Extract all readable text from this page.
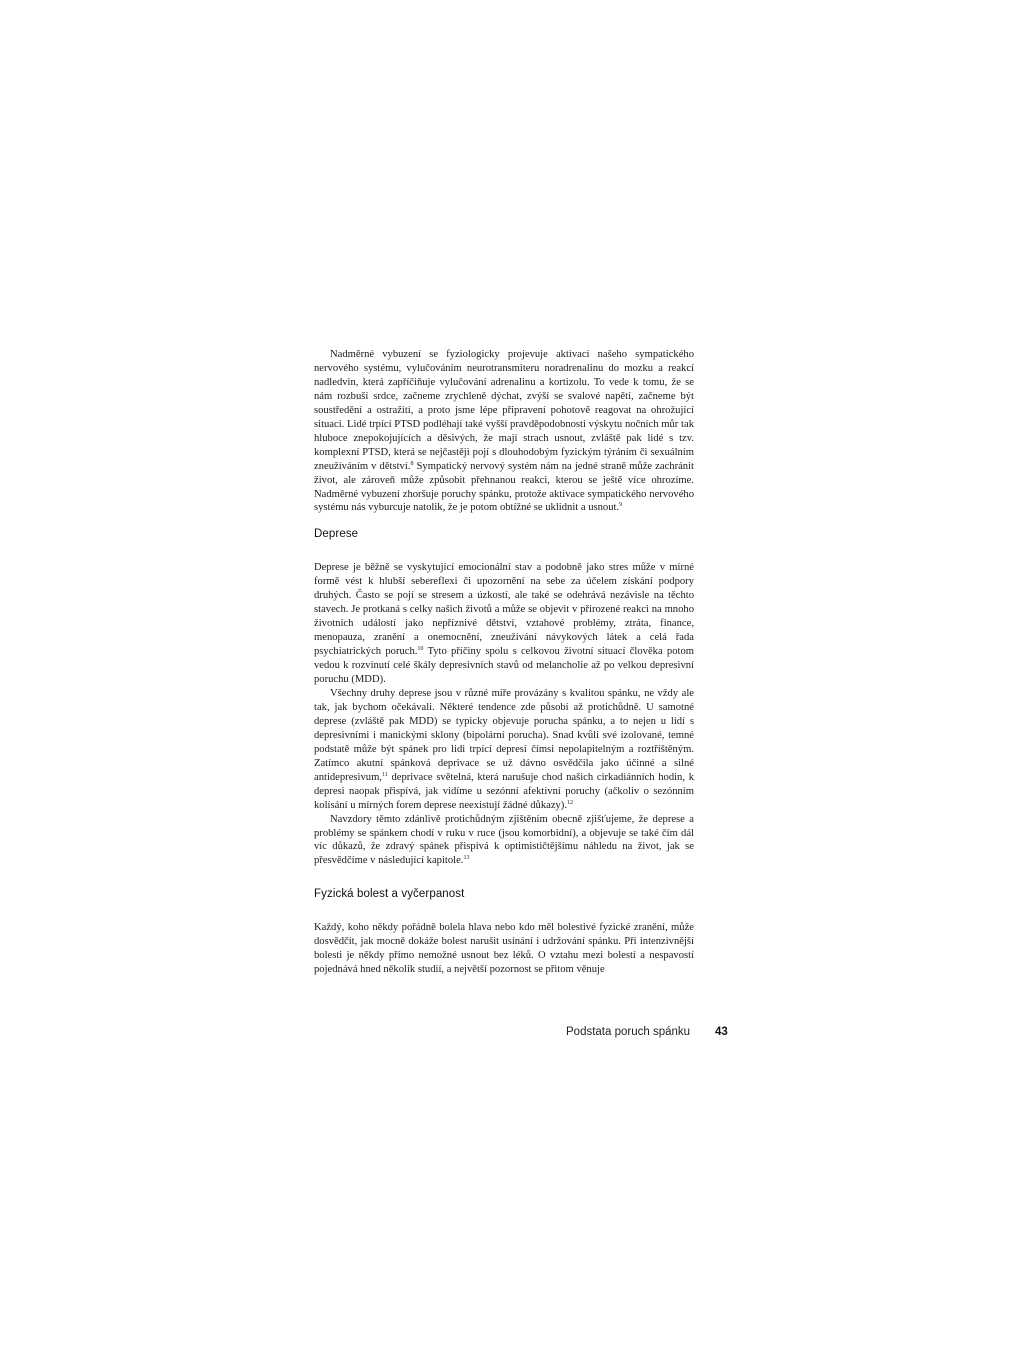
Nadměrné vybuzení se fyziologicky projevuje aktivací našeho sympatického nervového systému, vylučováním neurotransmiteru noradrenalinu do mozku a reakcí nadledvin, která zapříčiňuje vylučování adrenalinu a kortizolu. To vede k tomu, že se nám rozbuší srdce, začneme zrychleně dýchat, zvýší se svalové napětí, začneme být soustředění a ostražití, a proto jsme lépe připravení pohotově reagovat na ohrožující situaci. Lidé trpící PTSD podléhají také vyšší pravděpodobnosti výskytu nočních můr tak hluboce znepokojujících a děsivých, že mají strach usnout, zvláště pak lidé s tzv. komplexní PTSD, která se nejčastěji pojí s dlouhodobým fyzickým týráním či sexuálním zneužíváním v dětství.$^8$ Sympatický nervový systém nám na jedné straně může zachránit život, ale zároveň může způsobit přehnanou reakci, kterou se ještě více ohrozíme. Nadměrné vybuzení zhoršuje poruchy spánku, protože aktivace sympatického nervového systému nás vyburcuje natolik, že je potom obtížné se uklidnit a usnout.$^9$

Deprese

Deprese je běžně se vyskytující emocionální stav a podobně jako stres může v mírné formě vést k hlubší sebereflexi či upozornění na sebe za účelem získání podpory druhých. Často se pojí se stresem a úzkostí, ale také se odehrává nezávisle na těchto stavech. Je protkaná s celky našich životů a může se objevit v přirozené reakci na mnoho životních událostí jako nepříznivé dětství, vztahové problémy, ztráta, finance, menopauza, zranění a onemocnění, zneužívání návykových látek a celá řada psychiatrických poruch.$^{10}$ Tyto příčiny spolu s celkovou životní situací člověka potom vedou k rozvinutí celé škály depresivních stavů od melancholie až po velkou depresivní poruchu (MDD).

Všechny druhy deprese jsou v různé míře provázány s kvalitou spánku, ne vždy ale tak, jak bychom očekávali. Některé tendence zde působí až protichůdně. U samotné deprese (zvláště pak MDD) se typicky objevuje porucha spánku, a to nejen u lidí s depresivními i manickými sklony (bipolární porucha). Snad kvůli své izolované, temné podstatě může být spánek pro lidi trpící depresí čímsi nepolapitelným a roztříštěným. Zatímco akutní spánková deprivace se už dávno osvědčila jako účinné a silné antidepresivum,$^{11}$ deprivace světelná, která narušuje chod našich cirkadiánních hodin, k depresi naopak přispívá, jak vidíme u sezónní afektivní poruchy (ačkoliv o sezónním kolísání u mírných forem deprese neexistují žádné důkazy).$^{12}$

Navzdory těmto zdánlivě protichůdným zjištěním obecně zjišťujeme, že deprese a problémy se spánkem chodí v ruku v ruce (jsou komorbidní), a objevuje se také čím dál víc důkazů, že zdravý spánek přispívá k optimističtějšímu náhledu na život, jak se přesvědčíme v následující kapitole.$^{13}$

Fyzická bolest a vyčerpanost

Každý, koho někdy pořádně bolela hlava nebo kdo měl bolestivé fyzické zranění, může dosvědčit, jak mocně dokáže bolest narušit usínání i udržování spánku. Při intenzivnější bolesti je někdy přímo nemožné usnout bez léků. O vztahu mezi bolestí a nespavostí pojednává hned několik studií, a největší pozornost se přitom věnuje

Podstata poruch spánku 43
